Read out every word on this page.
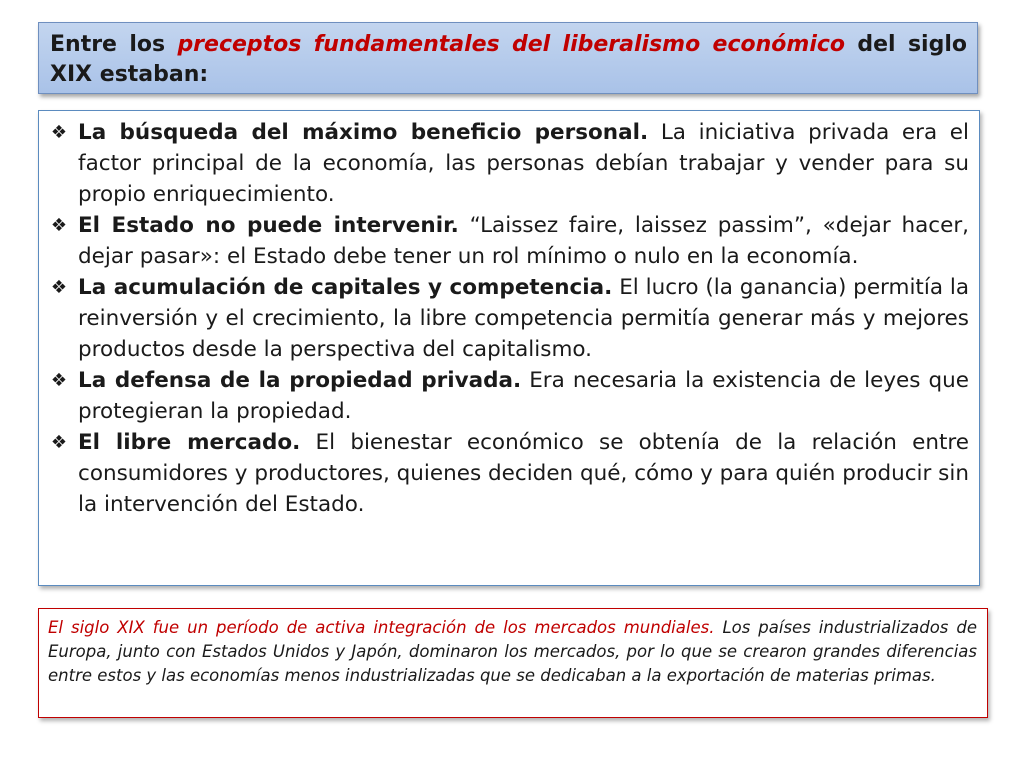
Entre los preceptos fundamentales del liberalismo económico del siglo XIX estaban:

❖ La búsqueda del máximo beneficio personal. La iniciativa privada era el factor principal de la economía, las personas debían trabajar y vender para su propio enriquecimiento.

❖ El Estado no puede intervenir. “Laissez faire, laissez passim”, «dejar hacer, dejar pasar»: el Estado debe tener un rol mínimo o nulo en la economía.

❖ La acumulación de capitales y competencia. El lucro (la ganancia) permitía la reinversión y el crecimiento, la libre competencia permitía generar más y mejores productos desde la perspectiva del capitalismo.

❖ La defensa de la propiedad privada. Era necesaria la existencia de leyes que protegieran la propiedad.

❖ El libre mercado. El bienestar económico se obtenía de la relación entre consumidores y productores, quienes deciden qué, cómo y para quién producir sin la intervención del Estado.

El siglo XIX fue un período de activa integración de los mercados mundiales. Los países industrializados de Europa, junto con Estados Unidos y Japón, dominaron los mercados, por lo que se crearon grandes diferencias entre estos y las economías menos industrializadas que se dedicaban a la exportación de materias primas.
